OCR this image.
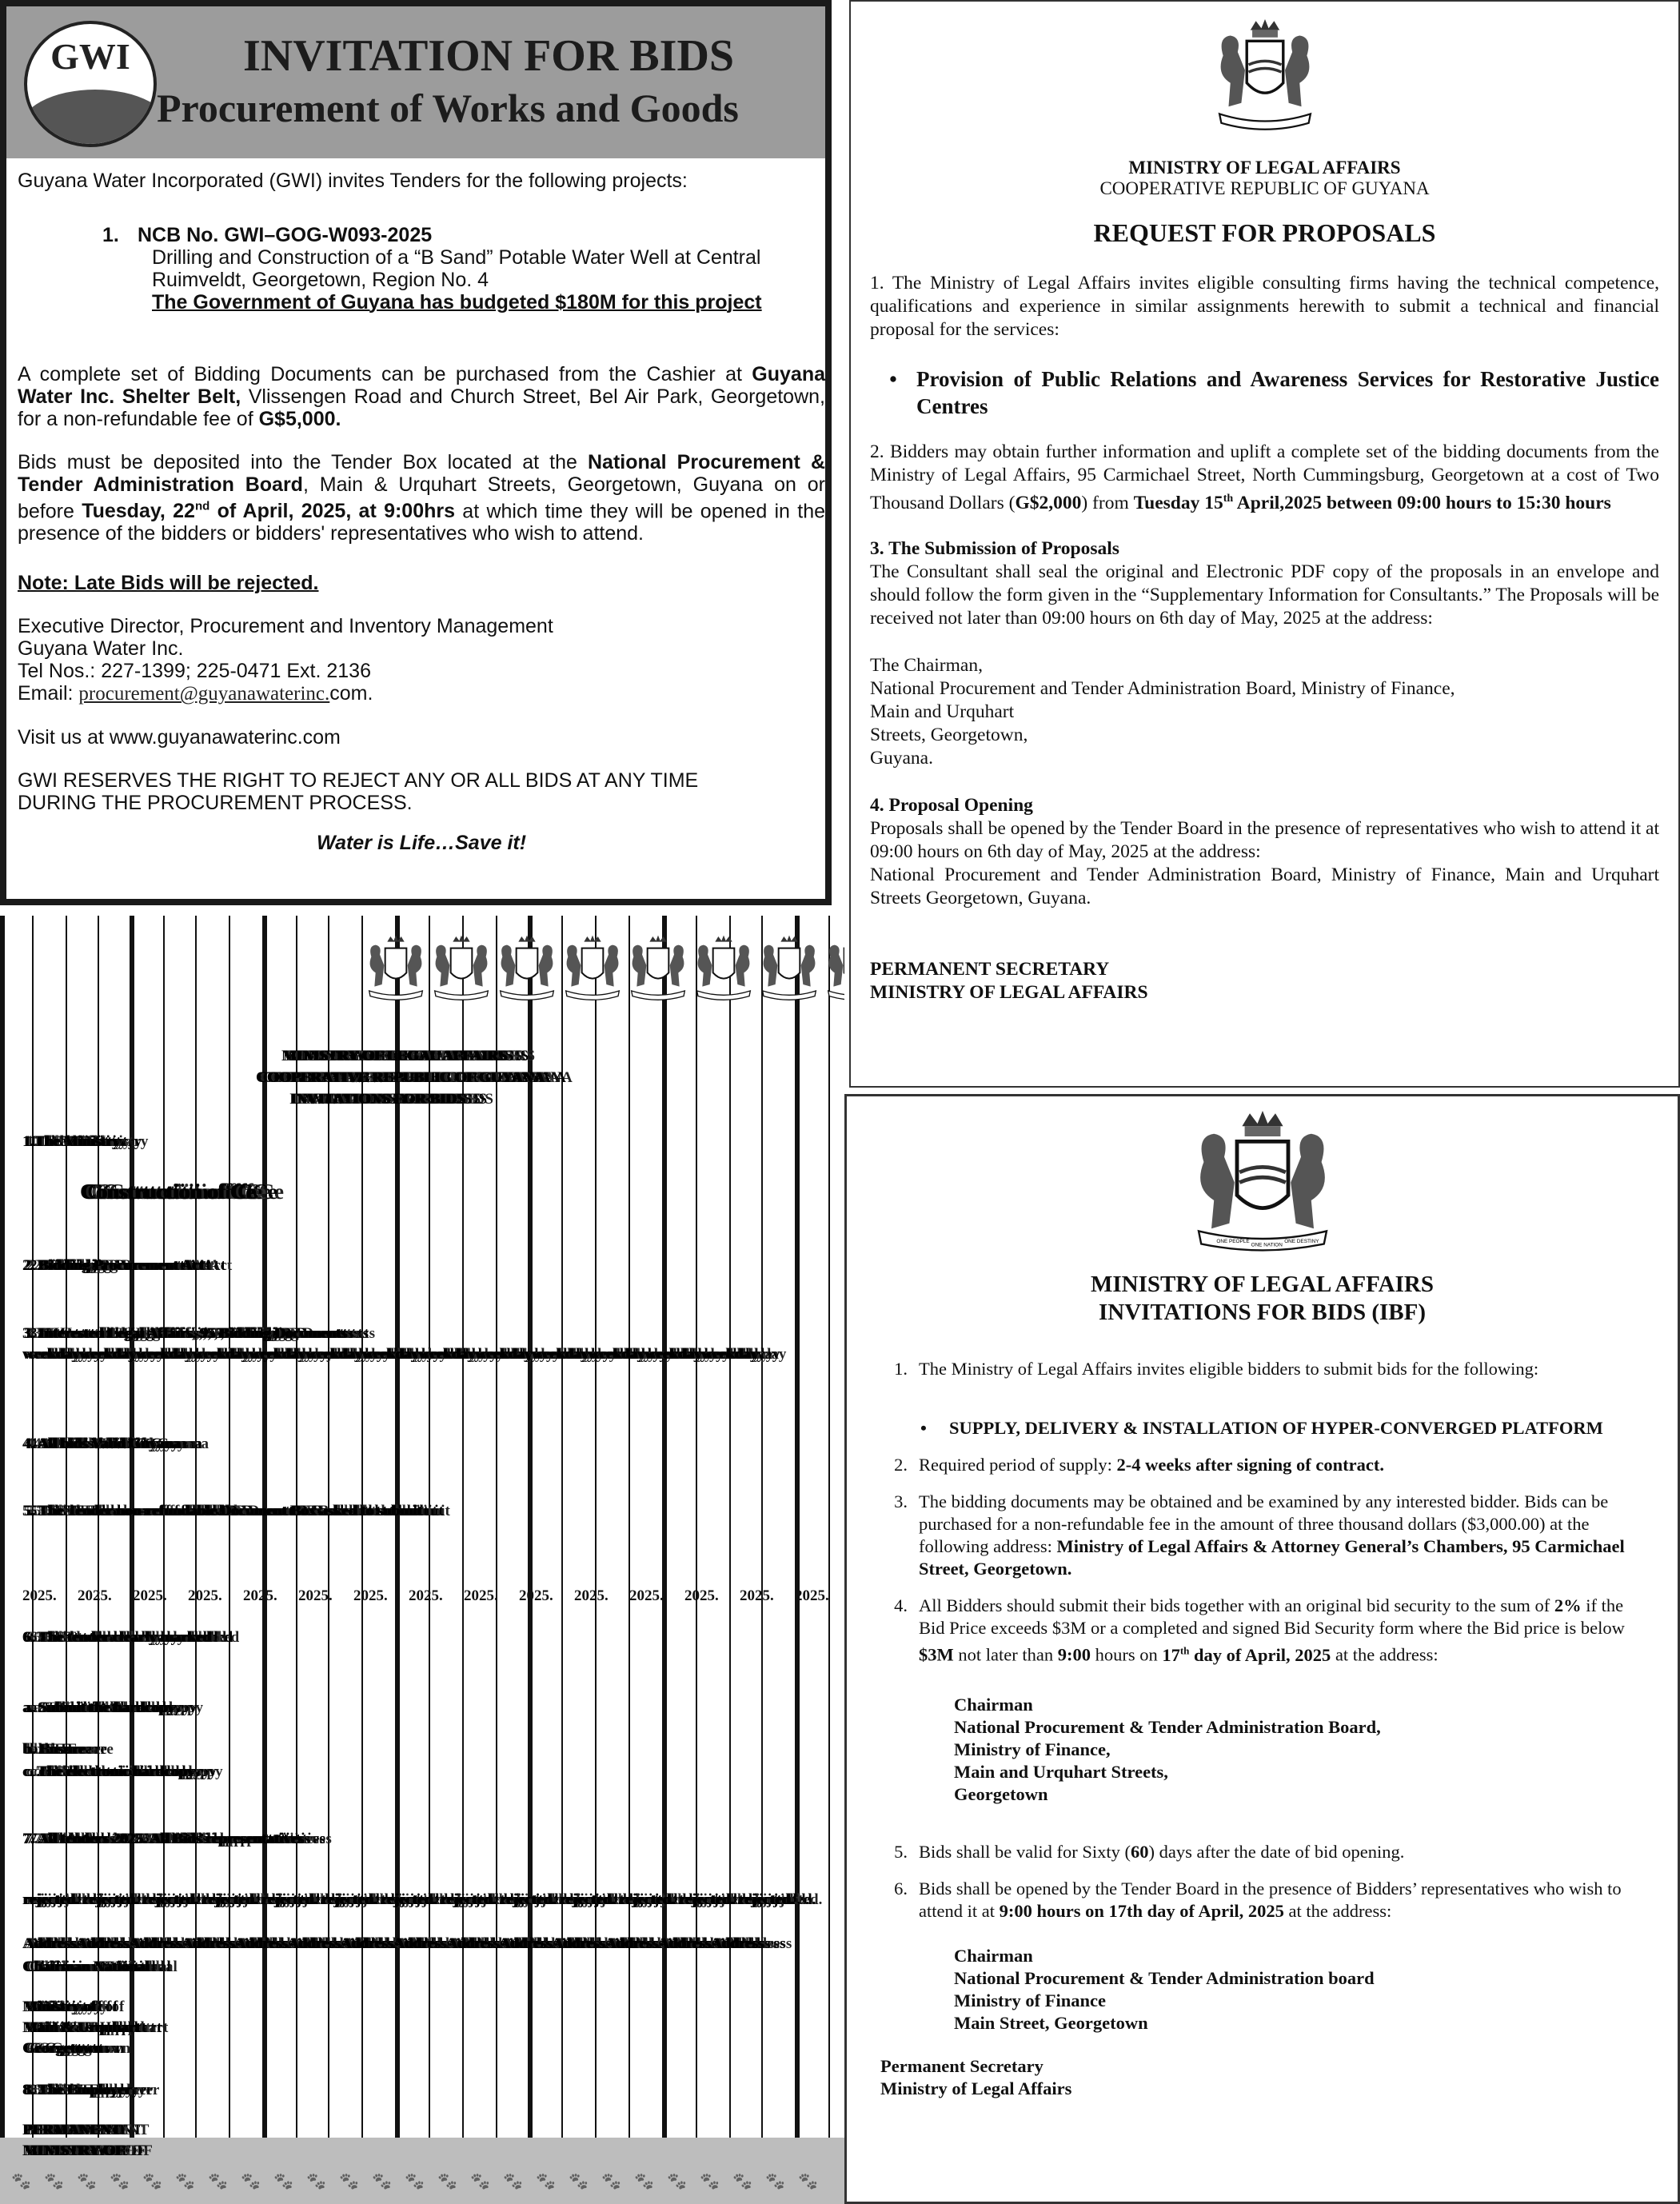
GWI	INVITATION FOR BIDS
Procurement of Works and Goods

Guyana Water Incorporated (GWI) invites Tenders for the following projects:

1. NCB No. GWI–GOG-W093-2025
Drilling and Construction of a “B Sand” Potable Water Well at Central
Ruimveldt, Georgetown, Region No. 4
The Government of Guyana has budgeted $180M for this project

A complete set of Bidding Documents can be purchased from the Cashier at Guyana Water Inc. Shelter Belt, Vlissengen Road and Church Street, Bel Air Park, Georgetown, for a non-refundable fee of G$5,000.

Bids must be deposited into the Tender Box located at the National Procurement & Tender Administration Board, Main & Urquhart Streets, Georgetown, Guyana on or before Tuesday, 22nd of April, 2025, at 9:00hrs at which time they will be opened in the presence of the bidders or bidders' representatives who wish to attend.

Note: Late Bids will be rejected.

Executive Director, Procurement and Inventory Management

Guyana Water Inc.

Tel Nos.: 227-1399; 225-0471 Ext. 2136

Email: procurement@guyanawaterinc.com.

Visit us at www.guyanawaterinc.com

GWI RESERVES THE RIGHT TO REJECT ANY OR ALL BIDS AT ANY TIME DURING THE PROCUREMENT PROCESS.

Water is Life…Save it!

MINISTRY OF LEGAL AFFAIRS
COOPERATIVE REPUBLIC OF GUYANA
REQUEST FOR PROPOSALS

1. The Ministry of Legal Affairs invites eligible consulting firms having the technical competence, qualifications and experience in similar assignments herewith to submit a technical and financial proposal for the services:

• Provision of Public Relations and Awareness Services for Restorative Justice Centres

2. Bidders may obtain further information and uplift a complete set of the bidding documents from the Ministry of Legal Affairs, 95 Carmichael Street, North Cummingsburg, Georgetown at a cost of Two Thousand Dollars (G$2,000) from Tuesday 15th April,2025 between 09:00 hours to 15:30 hours

3. The Submission of Proposals

The Consultant shall seal the original and Electronic PDF copy of the proposals in an envelope and should follow the form given in the “Supplementary Information for Consultants.” The Proposals will be received not later than 09:00 hours on 6th day of May, 2025 at the address:

The Chairman,
National Procurement and Tender Administration Board, Ministry of Finance,
Main and Urquhart
Streets, Georgetown,
Guyana.

4. Proposal Opening

Proposals shall be opened by the Tender Board in the presence of representatives who wish to attend it at 09:00 hours on 6th day of May, 2025 at the address:

National Procurement and Tender Administration Board, Ministry of Finance, Main and Urquhart Streets Georgetown, Guyana.

PERMANENT SECRETARY

MINISTRY OF LEGAL AFFAIRS

ONE PEOPLE
ONE NATION
ONE DESTINY
MINISTRY OF LEGAL AFFAIRS
INVITATIONS FOR BIDS (IBF)
1. The Ministry of Legal Affairs invites eligible bidders to submit bids for the following:
•	SUPPLY, DELIVERY & INSTALLATION OF HYPER-CONVERGED PLATFORM
2. Required period of supply: 2-4 weeks after signing of contract.
3. The bidding documents may be obtained and be examined by any interested bidder. Bids can be purchased for a non-refundable fee in the amount of three thousand dollars ($3,000.00) at the following address: Ministry of Legal Affairs & Attorney General’s Chambers, 95 Carmichael Street, Georgetown.
4. All Bidders should submit their bids together with an original bid security to the sum of 2% if the Bid Price exceeds $3M or a completed and signed Bid Security form where the Bid price is below $3M not later than 9:00 hours on 17th day of April, 2025 at the address:
Chairman
National Procurement & Tender Administration Board,
Ministry of Finance,
Main and Urquhart Streets,
Georgetown
5. Bids shall be valid for Sixty (60) days after the date of bid opening.
6. Bids shall be opened by the Tender Board in the presence of Bidders’ representatives who wish to attend it at 9:00 hours on 17th day of April, 2025 at the address:
Chairman
National Procurement & Tender Administration board
Ministry of Finance
Main Street, Georgetown
Permanent Secretary
Ministry of Legal Affairs
MINISTRY OF LEGAL AFFAIRS
COOPERATIVE REPUBLIC OF GUYANA
INVITATIONS FOR BIDS
1.The Ministry
Construction of Ce
2. Bidding Procurement Act
3. Interested Legal Affairs, 95 Bidding Documents weekdayweekdayweekdayweekdayweekdayweekdayweekdayweekdayweekdayweekdayweekdayweekdayweekday
4. All bids Valid Guyana
5. The Tender non-refundable Document Box asked to submit
2025. 2025. 2025. 2025. 2025. 2025. 2025. 2025. 2025. 2025. 2025. 2025. 2025. 2025. 2025.
6. The tender clearly marked
a. Submit the hardcopy
b. Ensure
c. The electronic hardcopy
7. All tenders 2025. All Bids representatives
rejected. rejected. rejected. rejected. rejected. rejected. rejected. rejected. rejected. rejected. rejected. rejected. rejected.
AddressAddressAddressAddressAddressAddressAddressAddressAddressAddressAddressAddressAddressAddress
Chairman National
Ministry of
Main & Urquhart
Georgetown
8. The Employer
🐾 🐾 🐾 🐾 🐾 🐾 🐾 🐾 🐾 🐾 🐾 🐾 🐾 🐾 🐾 🐾 🐾 🐾 🐾 🐾 🐾 🐾 🐾 🐾 🐾
PERMANENT
MINISTRY OF
